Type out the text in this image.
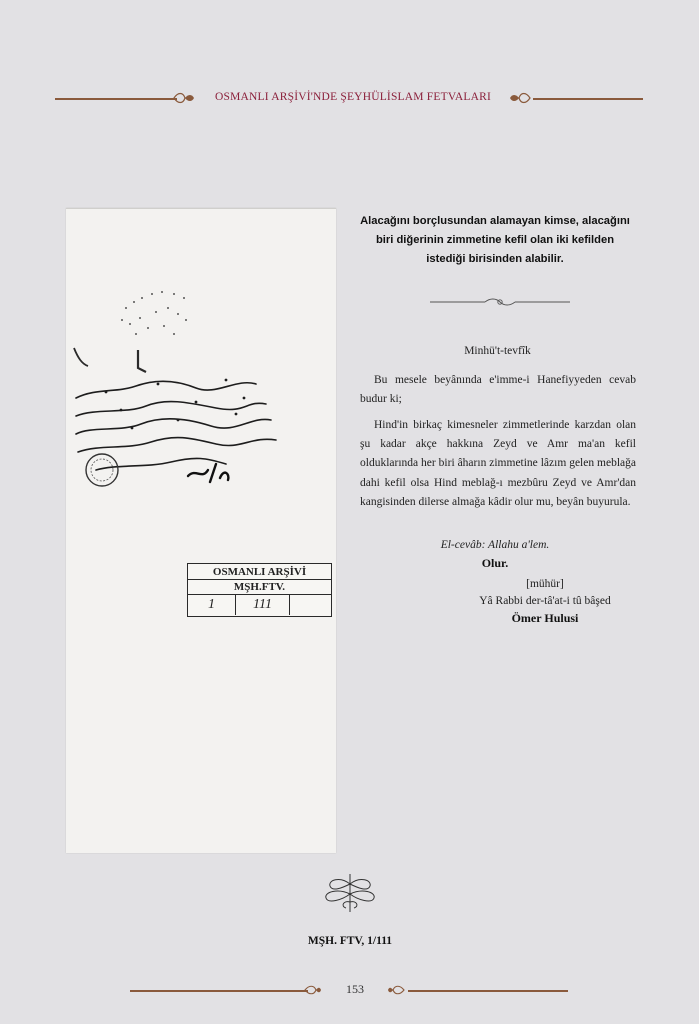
OSMANLI ARŞİVİ'NDE ŞEYHÜLİSLAM FETVALARI
OSMANLI ARŞİVİ
MŞH.FTV.
1	111
Alacağını borçlusundan alamayan kimse, alacağını biri diğerinin zimmetine kefil olan iki kefilden istediği birisinden alabilir.
Minhü't-tevfîk
Bu mesele beyânında e'imme-i Hanefiyyeden cevab budur ki;
Hind'in birkaç kimesneler zimmetlerinde karzdan olan şu kadar akçe hakkına Zeyd ve Amr ma'an kefil olduklarında her biri âharın zimmetine lâzım gelen meblağa dahi kefil olsa Hind meblağ-ı mezbûru Zeyd ve Amr'dan kangisinden dilerse almağa kâdir olur mu, beyân buyurula.
El-cevâb: Allahu a'lem.
Olur.
[mühür]
Yâ Rabbi der-tâ'at-i tû bâşed
Ömer Hulusi
MŞH. FTV, 1/111
153
